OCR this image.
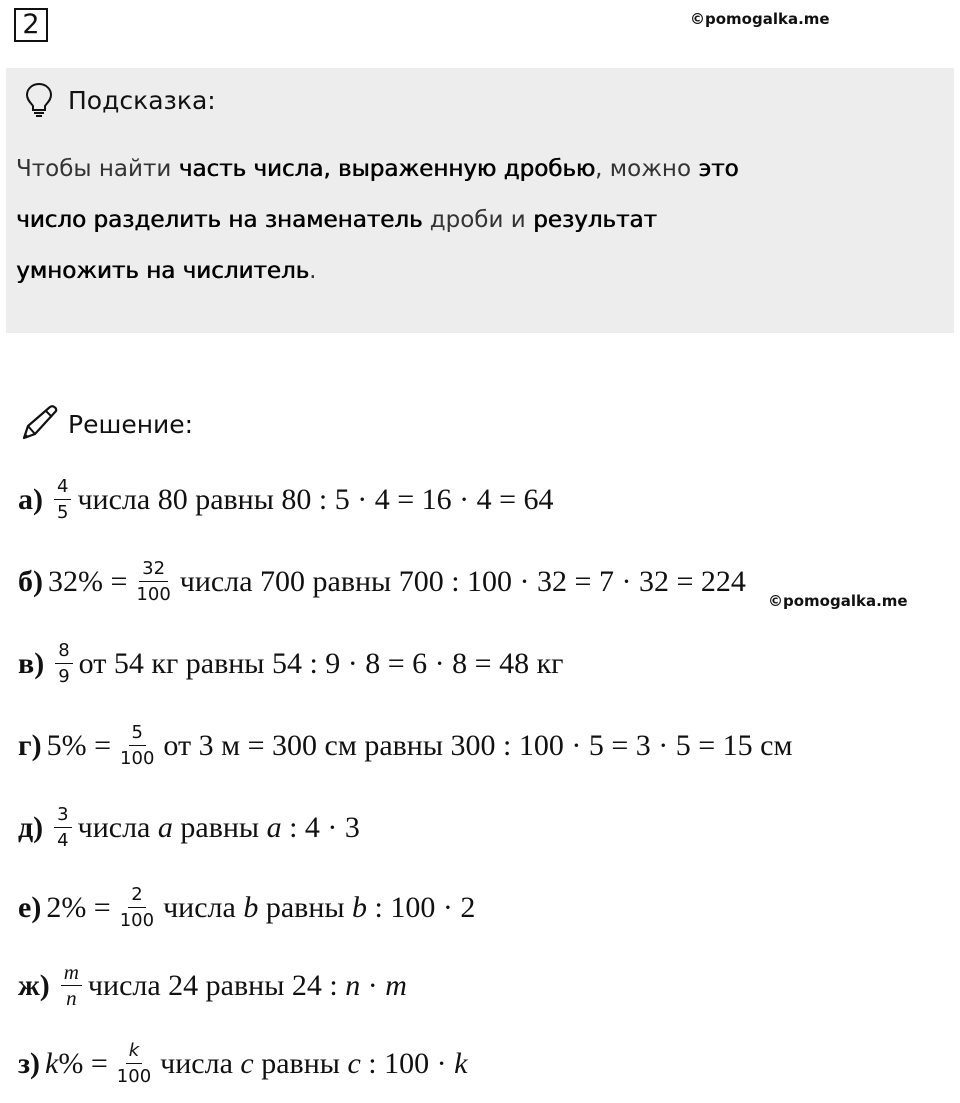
2	©pomogalka.me
Подсказка:
Чтобы найти часть числа, выраженную дробью, можно это
число разделить на знаменатель дроби и результат
умножить на числитель.
Решение:
$а) \frac{4}{5}$ числа 80 равны 80 : 5 · 4 = 16 · 4 = 64
б) $32\% = \frac{32}{100}$ числа 700 равны 700 : 100 · 32 = 7 · 32 = 224
©pomogalka.me
$в) \frac{8}{9}$ от 54 кг равны 54 : 9 · 8 = 6 · 8 = 48 кг
г) $5\% = \frac{5}{100}$ от 3 м = 300 см равны 300 : 100 · 5 = 3 · 5 = 15 см
$д) \frac{3}{4}$ числа a равны a : 4 · 3
е) $2\% = \frac{2}{100}$ числа b равны b : 100 · 2
$ж) \frac{m}{n}$ числа 24 равны 24 : n · m
з) k % = $\frac{k}{100}$ числа c равны c : 100 · k
